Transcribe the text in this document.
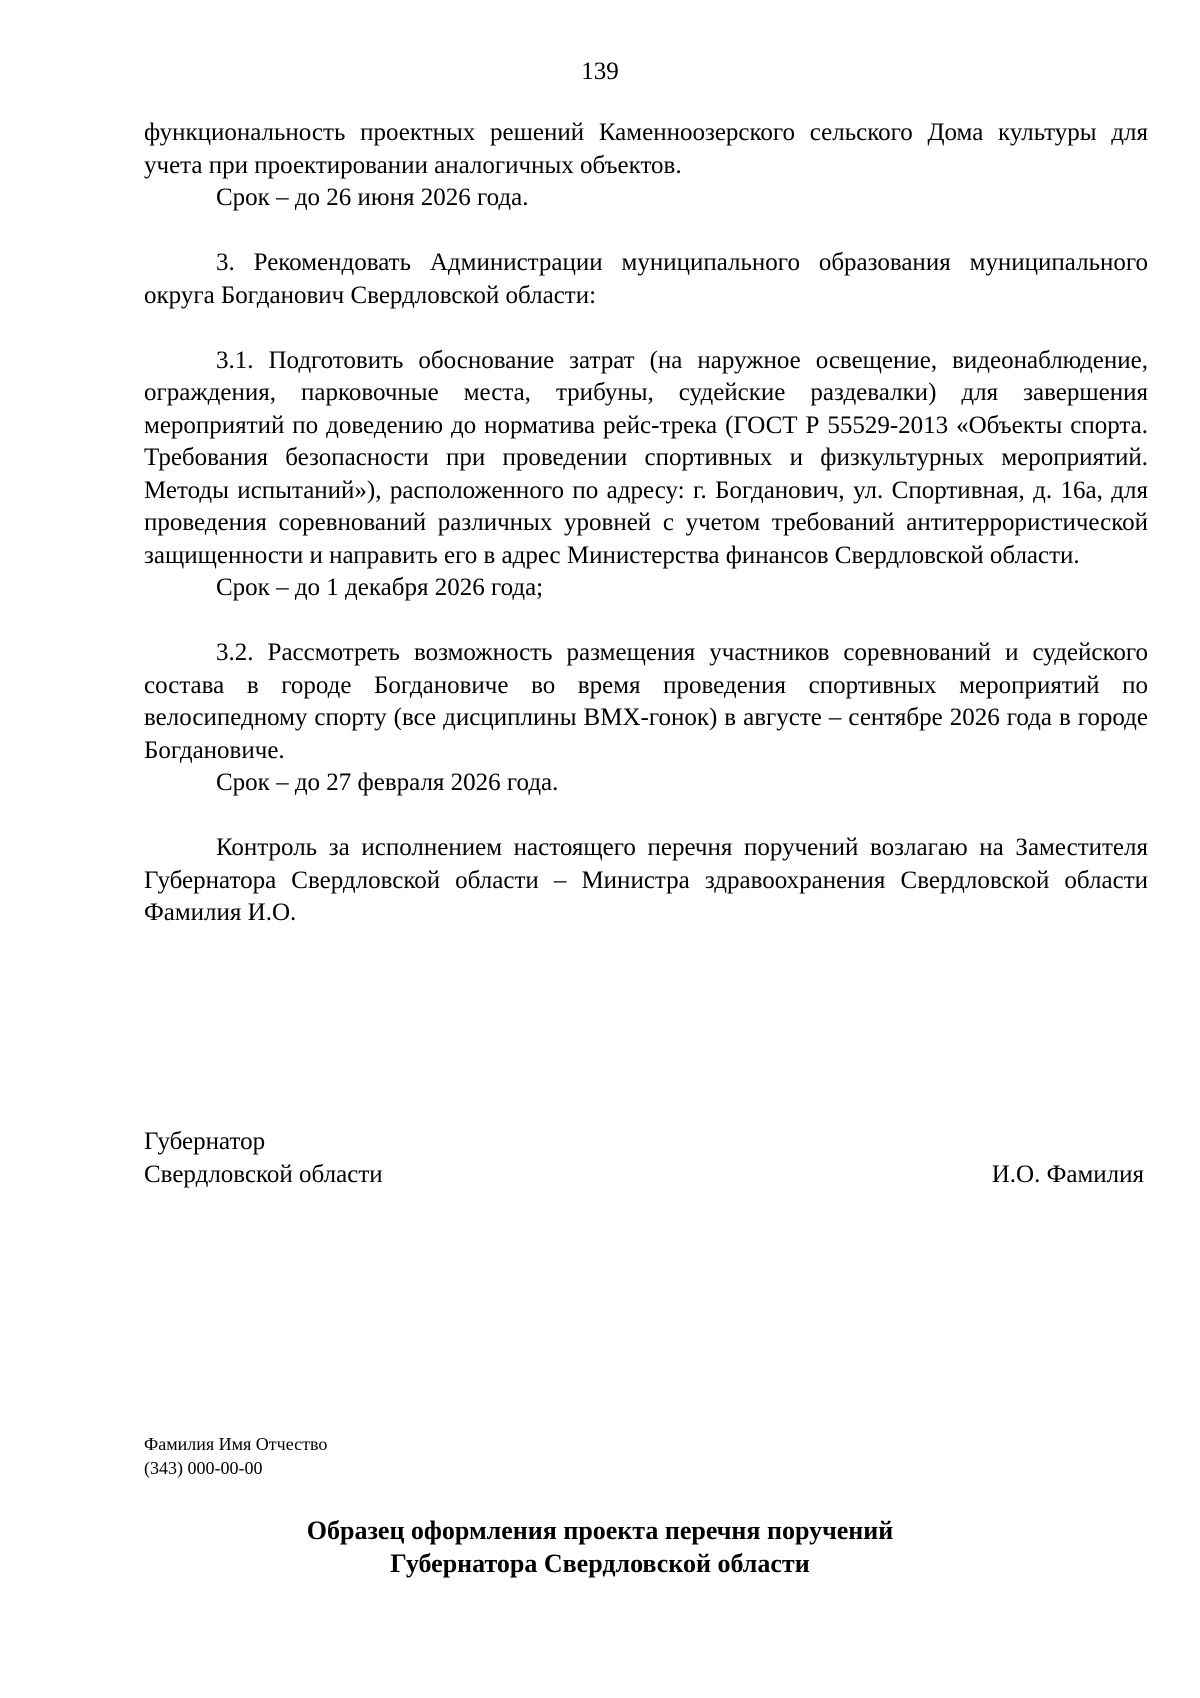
139

функциональность проектных решений Каменноозерского сельского Дома культуры для учета при проектировании аналогичных объектов.

Срок – до 26 июня 2026 года.

3. Рекомендовать Администрации муниципального образования муниципального округа Богданович Свердловской области:

3.1. Подготовить обоснование затрат (на наружное освещение, видеонаблюдение, ограждения, парковочные места, трибуны, судейские раздевалки) для завершения мероприятий по доведению до норматива рейс-трека (ГОСТ Р 55529-2013 «Объекты спорта. Требования безопасности при проведении спортивных и физкультурных мероприятий. Методы испытаний»), расположенного по адресу: г. Богданович, ул. Спортивная, д. 16а, для проведения соревнований различных уровней с учетом требований антитеррористической защищенности и направить его в адрес Министерства финансов Свердловской области.

Срок – до 1 декабря 2026 года;

3.2. Рассмотреть возможность размещения участников соревнований и судейского состава в городе Богдановиче во время проведения спортивных мероприятий по велосипедному спорту (все дисциплины BMX-гонок) в августе – сентябре 2026 года в городе Богдановиче.

Срок – до 27 февраля 2026 года.

Контроль за исполнением настоящего перечня поручений возлагаю на Заместителя Губернатора Свердловской области – Министра здравоохранения Свердловской области Фамилия И.О.

Губернатор
Свердловской области	И.О. Фамилия
Фамилия Имя Отчество
(343) 000-00-00
Образец оформления проекта перечня поручений
Губернатора Свердловской области
